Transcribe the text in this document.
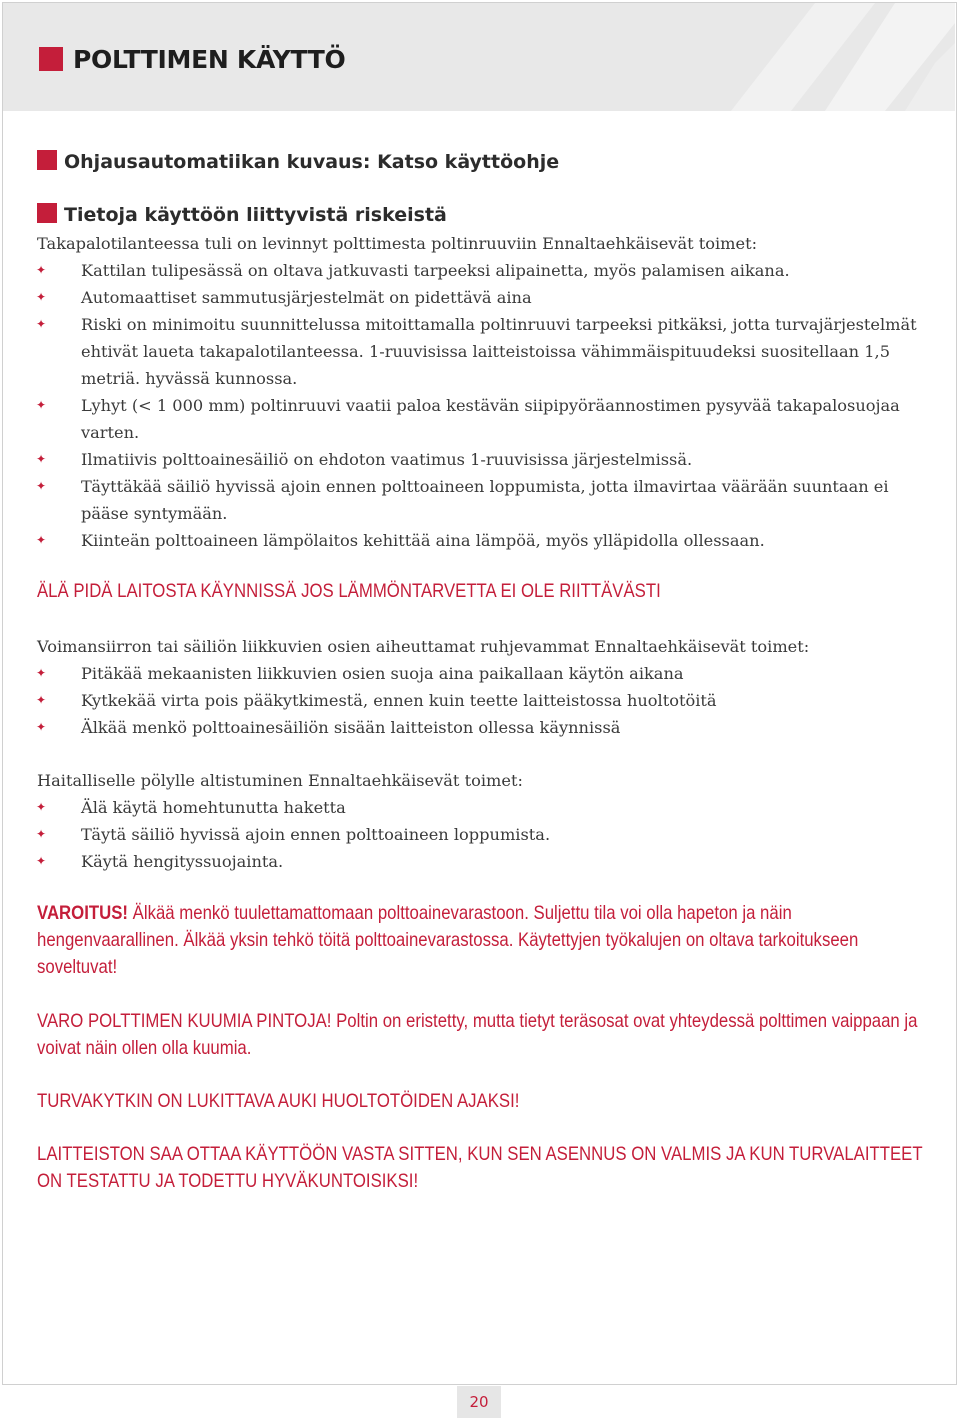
POLTTIMEN KÄYTTÖ
Ohjausautomatiikan kuvaus: Katso käyttöohje
Tietoja käyttöön liittyvistä riskeistä
Takapalotilanteessa tuli on levinnyt polttimesta poltinruuviin Ennaltaehkäisevät toimet:
✦ Kattilan tulipesässä on oltava jatkuvasti tarpeeksi alipainetta, myös palamisen aikana.
✦ Automaattiset sammutusjärjestelmät on pidettävä aina
✦ Riski on minimoitu suunnittelussa mitoittamalla poltinruuvi tarpeeksi pitkäksi, jotta turvajärjestelmät ehtivät laueta takapalotilanteessa. 1-ruuvisissa laitteistoissa vähimmäispituudeksi suositellaan 1,5 metriä. hyvässä kunnossa.
✦ Lyhyt (< 1 000 mm) poltinruuvi vaatii paloa kestävän siipipyöräannostimen pysyvää takapalosuojaa varten.
✦ Ilmatiivis polttoainesäiliö on ehdoton vaatimus 1-ruuvisissa järjestelmissä.
✦ Täyttäkää säiliö hyvissä ajoin ennen polttoaineen loppumista, jotta ilmavirtaa väärään suuntaan ei pääse syntymään.
✦ Kiinteän polttoaineen lämpölaitos kehittää aina lämpöä, myös ylläpidolla ollessaan.
ÄLÄ PIDÄ LAITOSTA KÄYNNISSÄ JOS LÄMMÖNTARVETTA EI OLE RIITTÄVÄSTI
Voimansiirron tai säiliön liikkuvien osien aiheuttamat ruhjevammat Ennaltaehkäisevät toimet:
✦ Pitäkää mekaanisten liikkuvien osien suoja aina paikallaan käytön aikana
✦ Kytkekää virta pois pääkytkimestä, ennen kuin teette laitteistossa huoltotöitä
✦ Älkää menkö polttoainesäiliön sisään laitteiston ollessa käynnissä
Haitalliselle pölylle altistuminen Ennaltaehkäisevät toimet:
✦ Älä käytä homehtunutta haketta
✦ Täytä säiliö hyvissä ajoin ennen polttoaineen loppumista.
✦ Käytä hengityssuojainta.
VAROITUS! Älkää menkö tuulettamattomaan polttoainevarastoon. Suljettu tila voi olla hapeton ja näin hengenvaarallinen. Älkää yksin tehkö töitä polttoainevarastossa. Käytettyjen työkalujen on oltava tarkoitukseen soveltuvat!
VARO POLTTIMEN KUUMIA PINTOJA! Poltin on eristetty, mutta tietyt teräsosat ovat yhteydessä polttimen vaippaan ja voivat näin ollen olla kuumia.
TURVAKYTKIN ON LUKITTAVA AUKI HUOLTOTÖIDEN AJAKSI!
LAITTEISTON SAA OTTAA KÄYTTÖÖN VASTA SITTEN, KUN SEN ASENNUS ON VALMIS JA KUN TURVALAITTEET ON TESTATTU JA TODETTU HYVÄKUNTOISIKSI!
20
